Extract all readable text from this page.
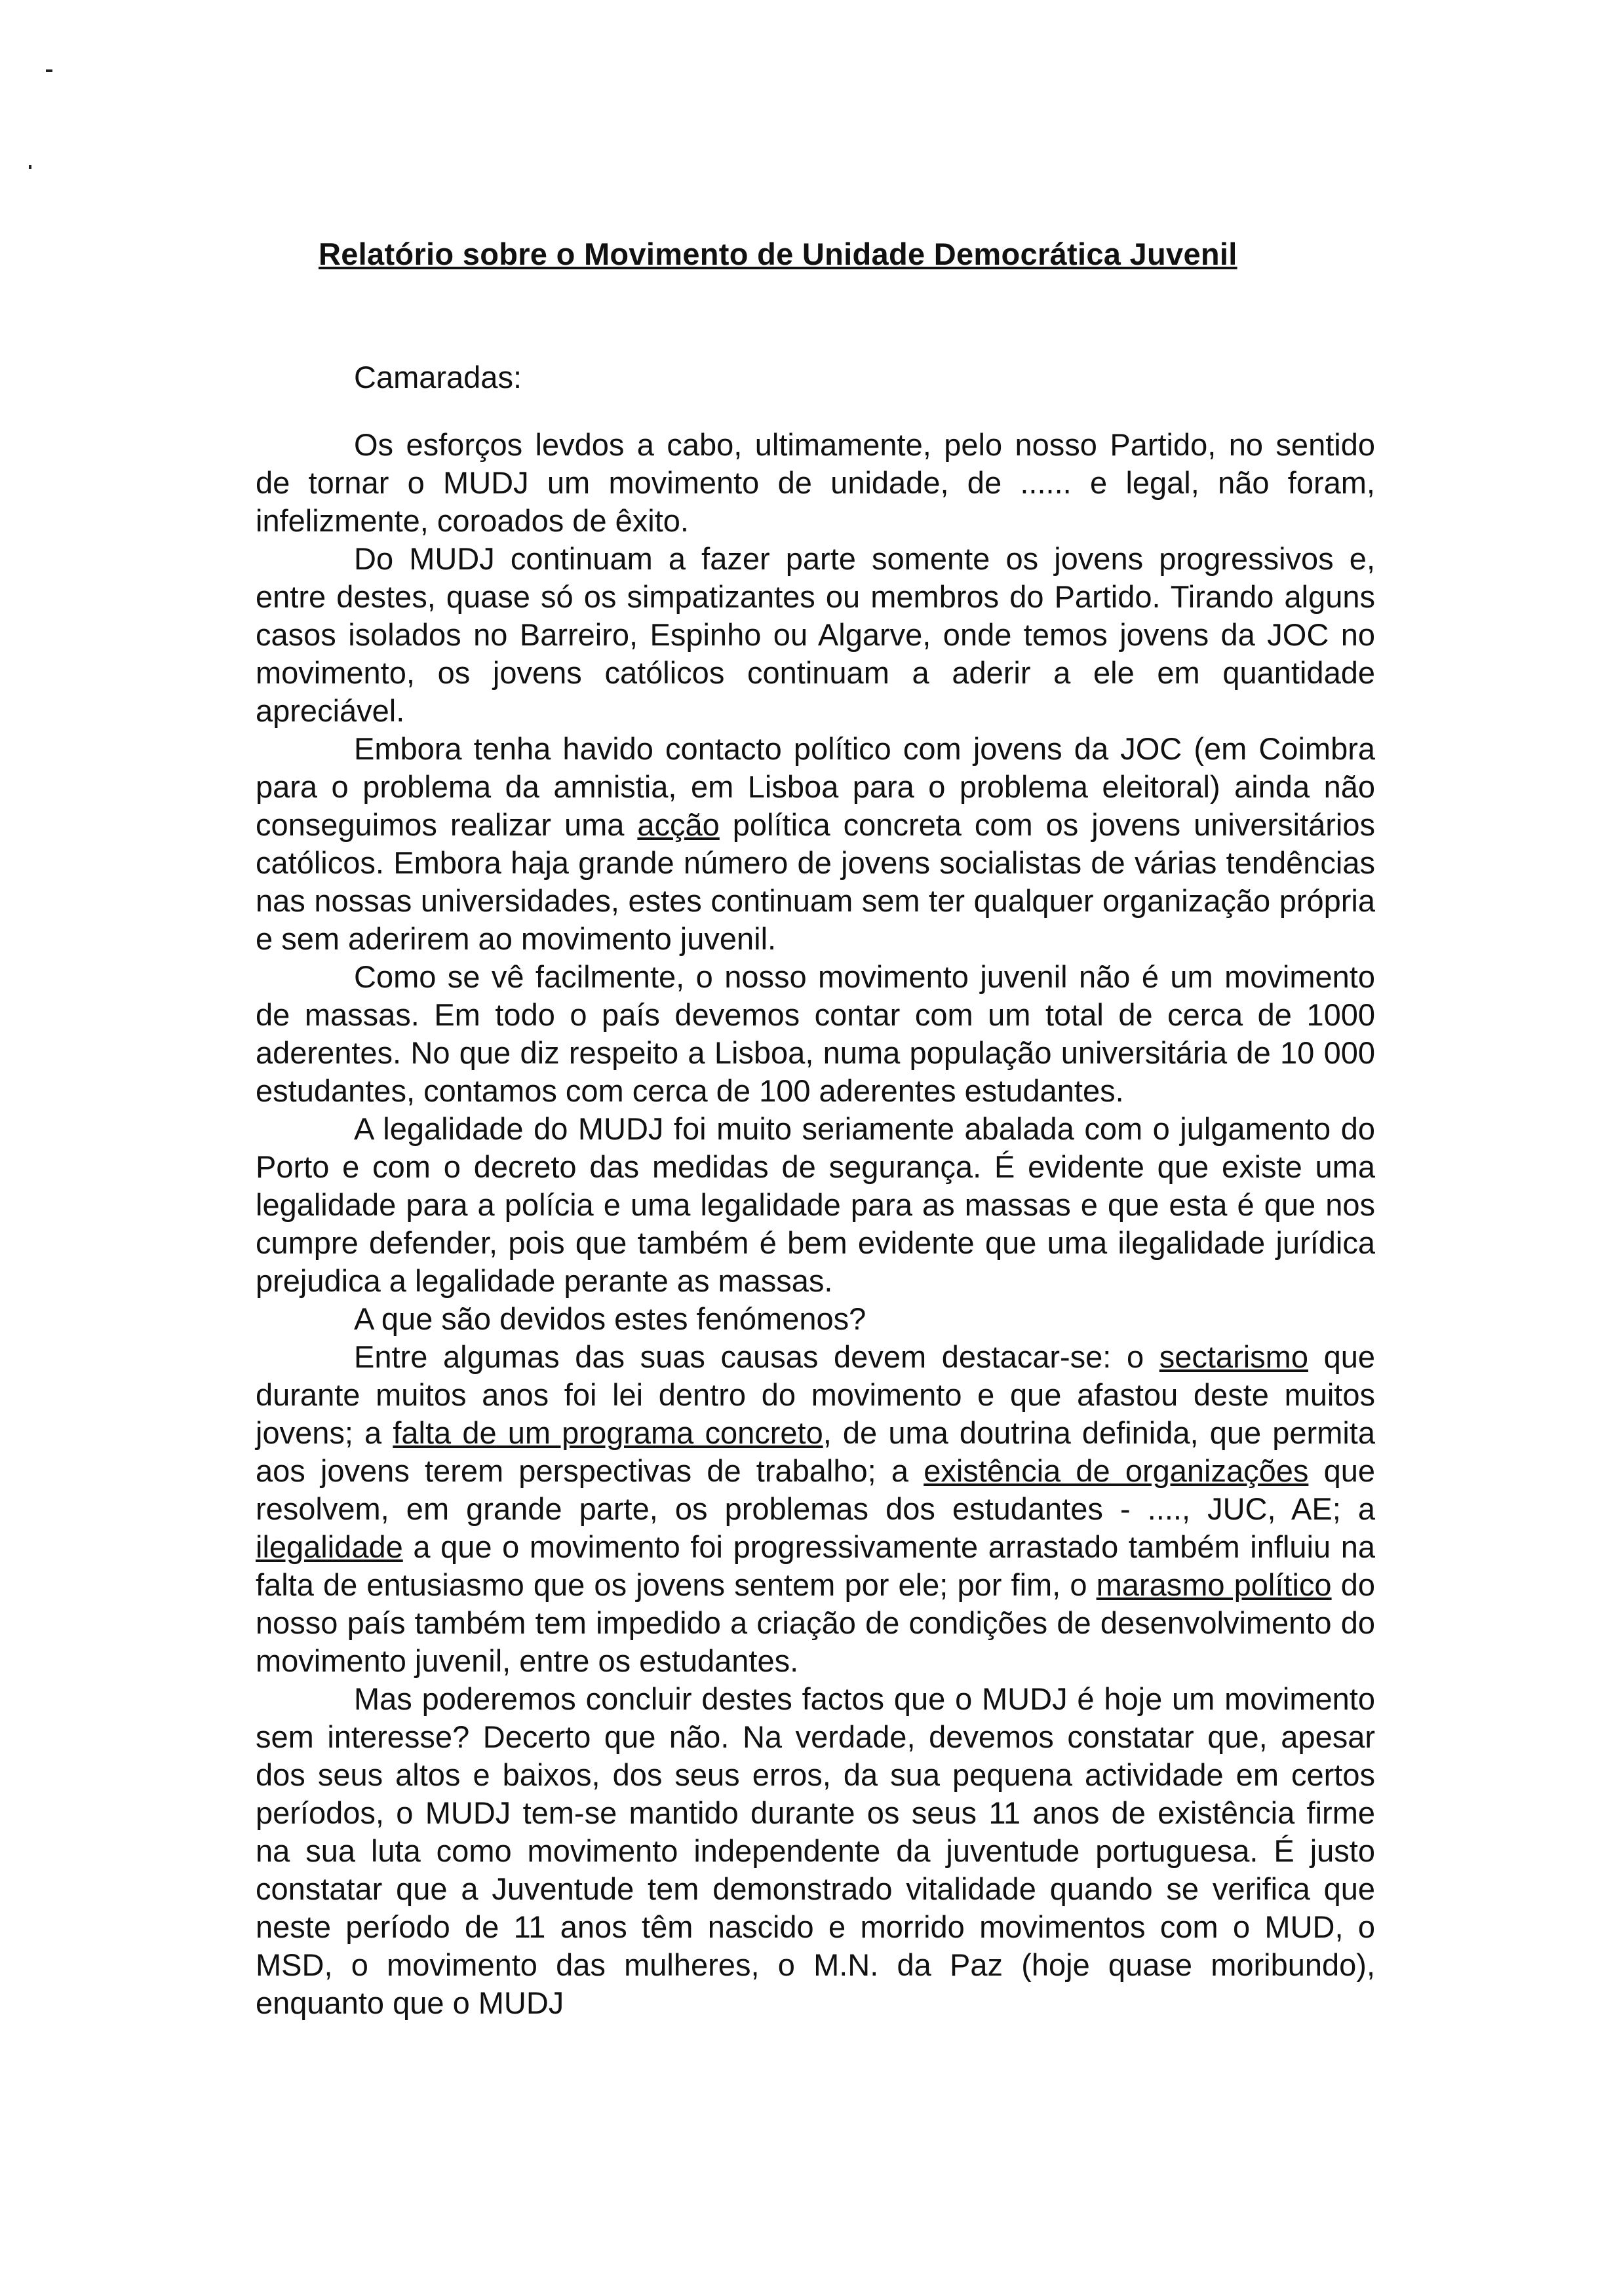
Relatório sobre o Movimento de Unidade Democrática Juvenil
Camaradas:

Os esforços levdos a cabo, ultimamente, pelo nosso Partido, no sentido de tornar o MUDJ um movimento de unidade, de ...... e legal, não foram, infelizmente, coroados de êxito.

Do MUDJ continuam a fazer parte somente os jovens progressivos e, entre destes, quase só os simpatizantes ou membros do Partido. Tirando alguns casos isolados no Barreiro, Espinho ou Algarve, onde temos jovens da JOC no movimento, os jovens católicos continuam a aderir a ele em quantidade apreciável.

Embora tenha havido contacto político com jovens da JOC (em Coimbra para o problema da amnistia, em Lisboa para o problema eleitoral) ainda não conseguimos realizar uma acção política concreta com os jovens universitários católicos. Embora haja grande número de jovens socialistas de várias tendências nas nossas universidades, estes continuam sem ter qualquer organização própria e sem aderirem ao movimento juvenil.

Como se vê facilmente, o nosso movimento juvenil não é um movimento de massas. Em todo o país devemos contar com um total de cerca de 1000 aderentes. No que diz respeito a Lisboa, numa população universitária de 10 000 estudantes, contamos com cerca de 100 aderentes estudantes.

A legalidade do MUDJ foi muito seriamente abalada com o julgamento do Porto e com o decreto das medidas de segurança. É evidente que existe uma legalidade para a polícia e uma legalidade para as massas e que esta é que nos cumpre defender, pois que também é bem evidente que uma ilegalidade jurídica prejudica a legalidade perante as massas.

A que são devidos estes fenómenos?

Entre algumas das suas causas devem destacar-se: o sectarismo que durante muitos anos foi lei dentro do movimento e que afastou deste muitos jovens; a falta de um programa concreto, de uma doutrina definida, que permita aos jovens terem perspectivas de trabalho; a existência de organizações que resolvem, em grande parte, os problemas dos estudantes - ...., JUC, AE; a ilegalidade a que o movimento foi progressivamente arrastado também influiu na falta de entusiasmo que os jovens sentem por ele; por fim, o marasmo político do nosso país também tem impedido a criação de condições de desenvolvimento do movimento juvenil, entre os estudantes.

Mas poderemos concluir destes factos que o MUDJ é hoje um movimento sem interesse? Decerto que não. Na verdade, devemos constatar que, apesar dos seus altos e baixos, dos seus erros, da sua pequena actividade em certos períodos, o MUDJ tem-se mantido durante os seus 11 anos de existência firme na sua luta como movimento independente da juventude portuguesa. É justo constatar que a Juventude tem demonstrado vitalidade quando se verifica que neste período de 11 anos têm nascido e morrido movimentos com o MUD, o MSD, o movimento das mulheres, o M.N. da Paz (hoje quase moribundo), enquanto que o MUDJ
